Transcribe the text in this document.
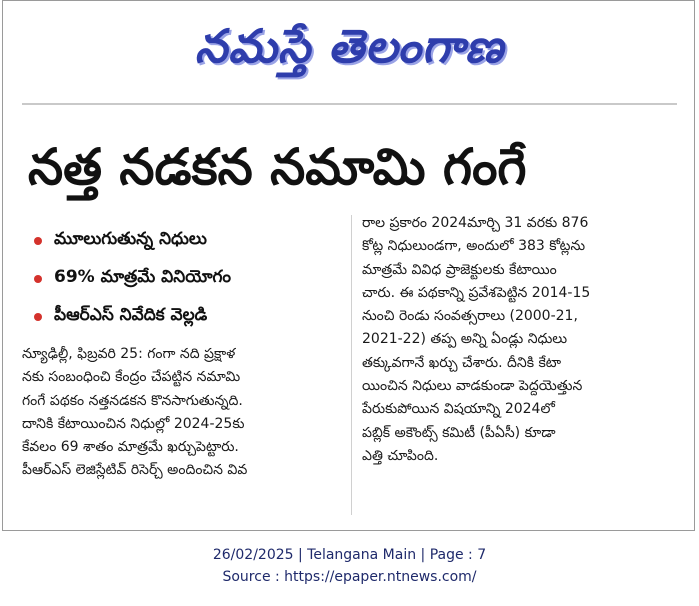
నమస్తే తెలంగాణ
నత్త నడకన నమామి గంగే
మూలుగుతున్న నిధులు
69% మాత్రమే వినియోగం
పీఆర్‌ఎస్ నివేదిక వెల్లడి
న్యూఢిల్లీ, ఫిబ్రవరి 25: గంగా నది ప్రక్షాళ
నకు సంబంధించి కేంద్రం చేపట్టిన నమామి
గంగే పథకం నత్తనడకన కొనసాగుతున్నది.
దానికి కేటాయించిన నిధుల్లో 2024-25కు
కేవలం 69 శాతం మాత్రమే ఖర్చుపెట్టారు.
పీఆర్‌ఎస్ లెజిస్లేటివ్ రిసెర్చ్ అందించిన వివ
రాల ప్రకారం 2024మార్చి 31 వరకు 876
కోట్ల నిధులుండగా, అందులో 383 కోట్లను
మాత్రమే వివిధ ప్రాజెక్టులకు కేటాయిం
చారు. ఈ పథకాన్ని ప్రవేశపెట్టిన 2014-15
నుంచి రెండు సంవత్సరాలు (2000-21,
2021-22) తప్ప అన్ని ఏండ్లు నిధులు
తక్కువగానే ఖర్చు చేశారు. దీనికి కేటా
యించిన నిధులు వాడకుండా పెద్దయెత్తున
పేరుకుపోయిన విషయాన్ని 2024లో
పబ్లిక్ అకౌంట్స్ కమిటీ (పీఏసీ) కూడా
ఎత్తి చూపింది.
26/02/2025 | Telangana Main | Page : 7
Source : https://epaper.ntnews.com/
